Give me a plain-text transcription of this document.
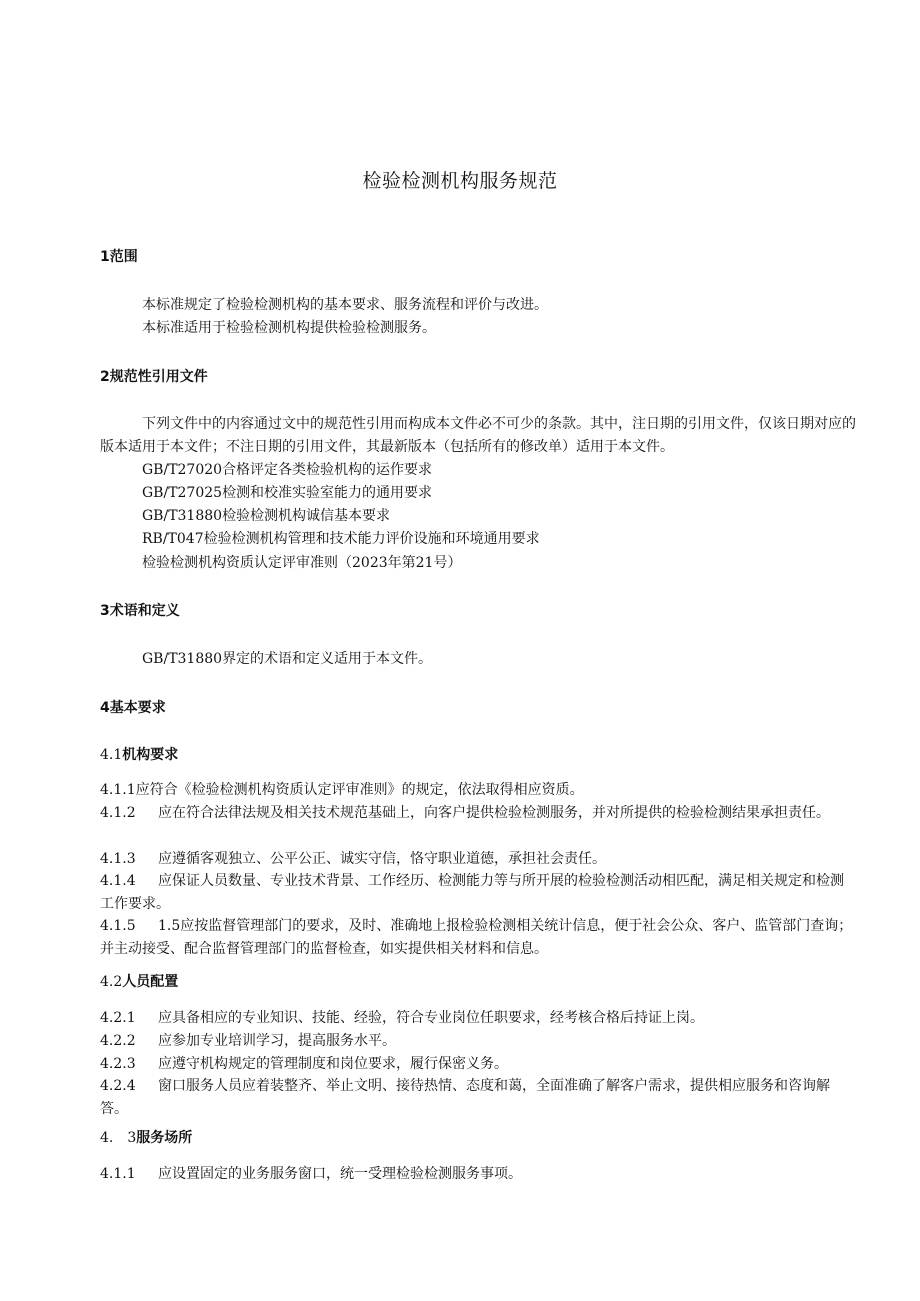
检验检测机构服务规范
1范围
本标准规定了检验检测机构的基本要求、服务流程和评价与改进。
本标准适用于检验检测机构提供检验检测服务。
2规范性引用文件
下列文件中的内容通过文中的规范性引用而构成本文件必不可少的条款。其中，注日期的引用文件，仅该日期对应的版本适用于本文件；不注日期的引用文件，其最新版本（包括所有的修改单）适用于本文件。
GB/T27020合格评定各类检验机构的运作要求
GB/T27025检测和校准实验室能力的通用要求
GB/T31880检验检测机构诚信基本要求
RB/T047检验检测机构管理和技术能力评价设施和环境通用要求
检验检测机构资质认定评审准则（2023年第21号）
3术语和定义
GB/T31880界定的术语和定义适用于本文件。
4基本要求
4.1机构要求
4.1.1应符合《检验检测机构资质认定评审准则》的规定，依法取得相应资质。
4.1.2 应在符合法律法规及相关技术规范基础上，向客户提供检验检测服务，并对所提供的检验检测结果承担责任。
4.1.3 应遵循客观独立、公平公正、诚实守信，恪守职业道德，承担社会责任。
4.1.4 应保证人员数量、专业技术背景、工作经历、检测能力等与所开展的检验检测活动相匹配，满足相关规定和检测工作要求。
4.1.5 1.5应按监督管理部门的要求，及时、准确地上报检验检测相关统计信息，便于社会公众、客户、监管部门查询；并主动接受、配合监督管理部门的监督检查，如实提供相关材料和信息。
4.2人员配置
4.2.1 应具备相应的专业知识、技能、经验，符合专业岗位任职要求，经考核合格后持证上岗。
4.2.2 应参加专业培训学习，提高服务水平。
4.2.3 应遵守机构规定的管理制度和岗位要求，履行保密义务。
4.2.4 窗口服务人员应着装整齐、举止文明、接待热情、态度和蔼，全面准确了解客户需求，提供相应服务和咨询解答。
4.　3服务场所
4.1.1 应设置固定的业务服务窗口，统一受理检验检测服务事项。
